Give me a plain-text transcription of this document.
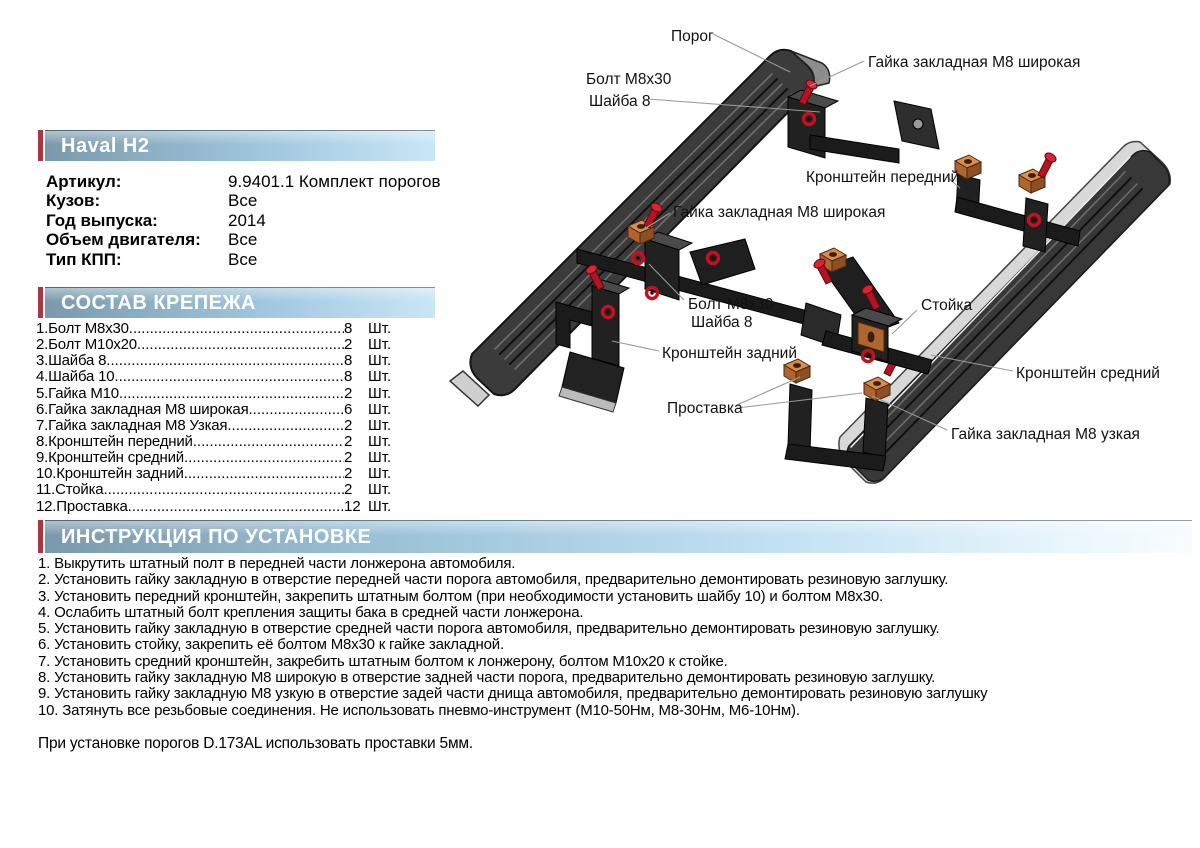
Haval H2
Артикул:	9.9401.1 Комплект порогов
Кузов:	Все
Год выпуска:	2014
Объем двигателя:	Все
Тип КПП:	Все
СОСТАВ КРЕПЕЖА
1.Болт М8х30 .....	8	Шт.
2.Болт М10х20 .....	2	Шт.
3.Шайба 8 .....	8	Шт.
4.Шайба 10 .....	8	Шт.
5.Гайка М10 .....	2	Шт.
6.Гайка закладная М8 широкая .....	6	Шт.
7.Гайка закладная М8 Узкая .....	2	Шт.
8.Кронштейн передний .....	2	Шт.
9.Кронштейн средний .....	2	Шт.
10.Кронштейн задний .....	2	Шт.
11.Стойка .....	2	Шт.
12.Проставка .....	12 Шт.
ИНСТРУКЦИЯ ПО УСТАНОВКЕ
1. Выкрутить штатный полт в передней части лонжерона автомобиля.
2. Установить гайку закладную в отверстие передней части порога автомобиля, предварительно демонтировать резиновую заглушку.
3. Установить передний кронштейн, закрепить штатным болтом (при необходимости установить шайбу 10) и болтом М8х30.
4. Ослабить штатный болт крепления защиты бака в средней части лонжерона.
5. Установить гайку закладную в отверстие средней части порога автомобиля, предварительно демонтировать резиновую заглушку.
6. Установить стойку, закрепить её болтом М8х30 к гайке закладной.
7. Установить средний кронштейн, закребить штатным болтом к лонжерону, болтом М10х20 к стойке.
8. Установить гайку закладную М8 широкую в отверстие задней части порога, предварительно демонтировать резиновую заглушку.
9. Установить гайку закладную М8 узкую в отверстие задей части днища автомобиля, предварительно демонтировать резиновую заглушку
10. Затянуть все резьбовые соединения. Не использовать пневмо-инструмент (М10-50Нм, М8-30Нм, М6-10Нм).
При установке порогов D.173AL использовать проставки 5мм.
Порог
Гайка закладная М8 широкая
Болт М8х30
Шайба 8
Кронштейн передний
Гайка закладная М8 широкая
Болт М8х30
Шайба 8
Стойка
Кронштейн задний
Кронштейн средний
Проставка
Гайка закладная М8 узкая
